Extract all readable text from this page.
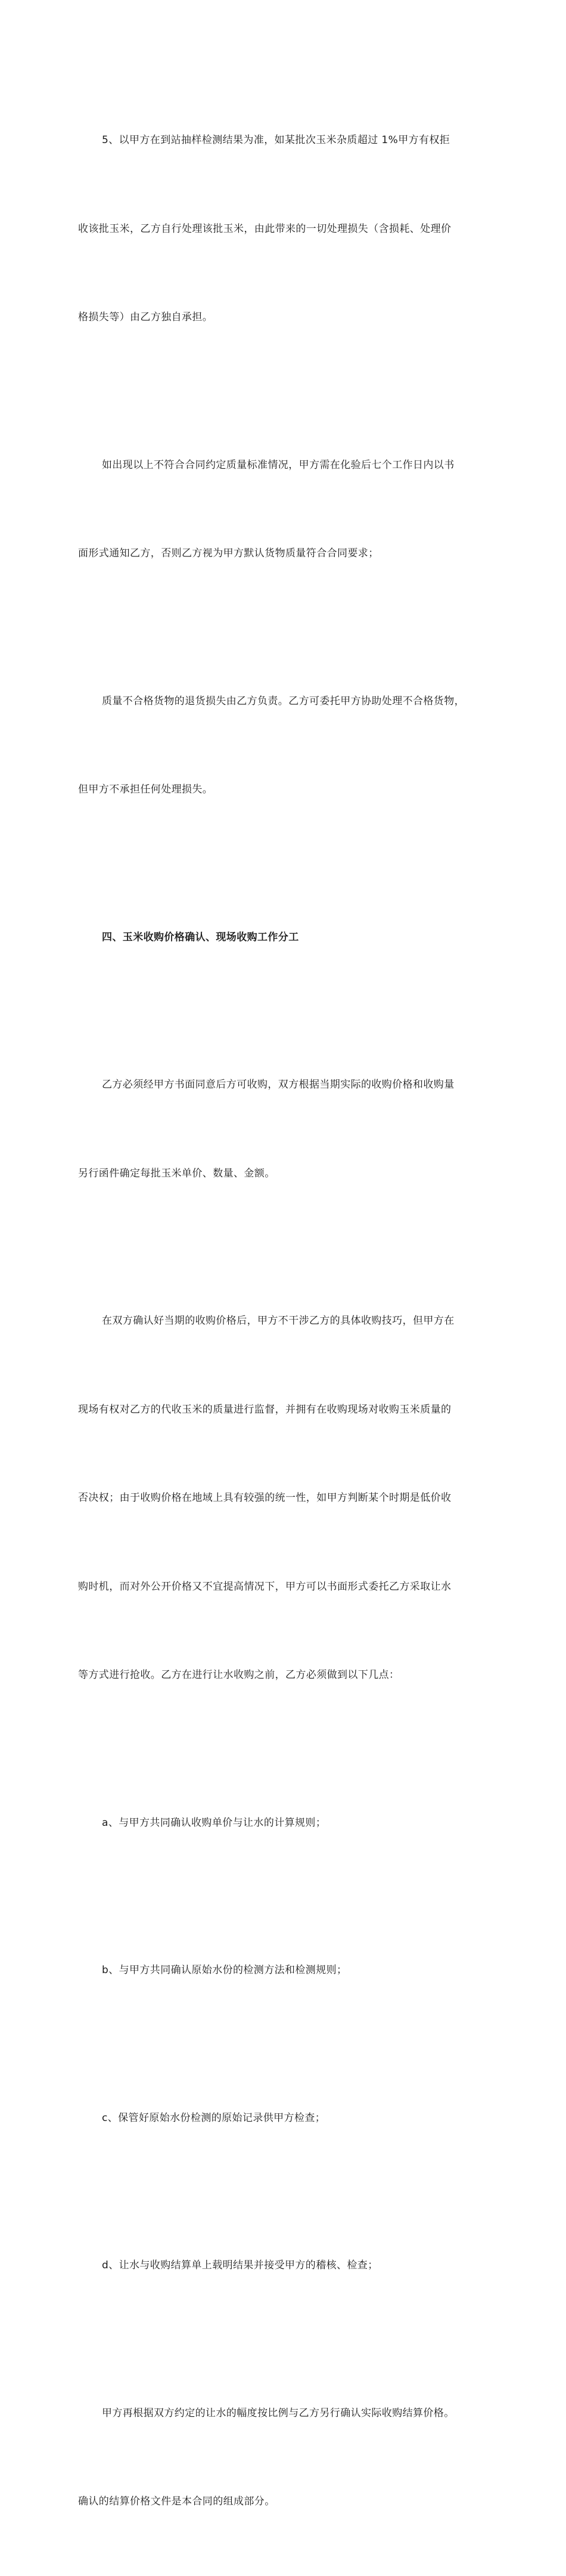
5、以甲方在到站抽样检测结果为准，如某批次玉米杂质超过 1%甲方有权拒

收该批玉米，乙方自行处理该批玉米，由此带来的一切处理损失（含损耗、处理价

格损失等）由乙方独自承担。

如出现以上不符合合同约定质量标准情况，甲方需在化验后七个工作日内以书

面形式通知乙方，否则乙方视为甲方默认货物质量符合合同要求；

质量不合格货物的退货损失由乙方负责。乙方可委托甲方协助处理不合格货物，

但甲方不承担任何处理损失。

四、玉米收购价格确认、现场收购工作分工

乙方必须经甲方书面同意后方可收购，双方根据当期实际的收购价格和收购量

另行函件确定每批玉米单价、数量、金额。

在双方确认好当期的收购价格后，甲方不干涉乙方的具体收购技巧，但甲方在

现场有权对乙方的代收玉米的质量进行监督，并拥有在收购现场对收购玉米质量的

否决权；由于收购价格在地域上具有较强的统一性，如甲方判断某个时期是低价收

购时机，而对外公开价格又不宜提高情况下，甲方可以书面形式委托乙方采取让水

等方式进行抢收。乙方在进行让水收购之前，乙方必须做到以下几点：

a、与甲方共同确认收购单价与让水的计算规则；

b、与甲方共同确认原始水份的检测方法和检测规则；

c、保管好原始水份检测的原始记录供甲方检查；

d、让水与收购结算单上载明结果并接受甲方的稽核、检查；

甲方再根据双方约定的让水的幅度按比例与乙方另行确认实际收购结算价格。

确认的结算价格文件是本合同的组成部分。
